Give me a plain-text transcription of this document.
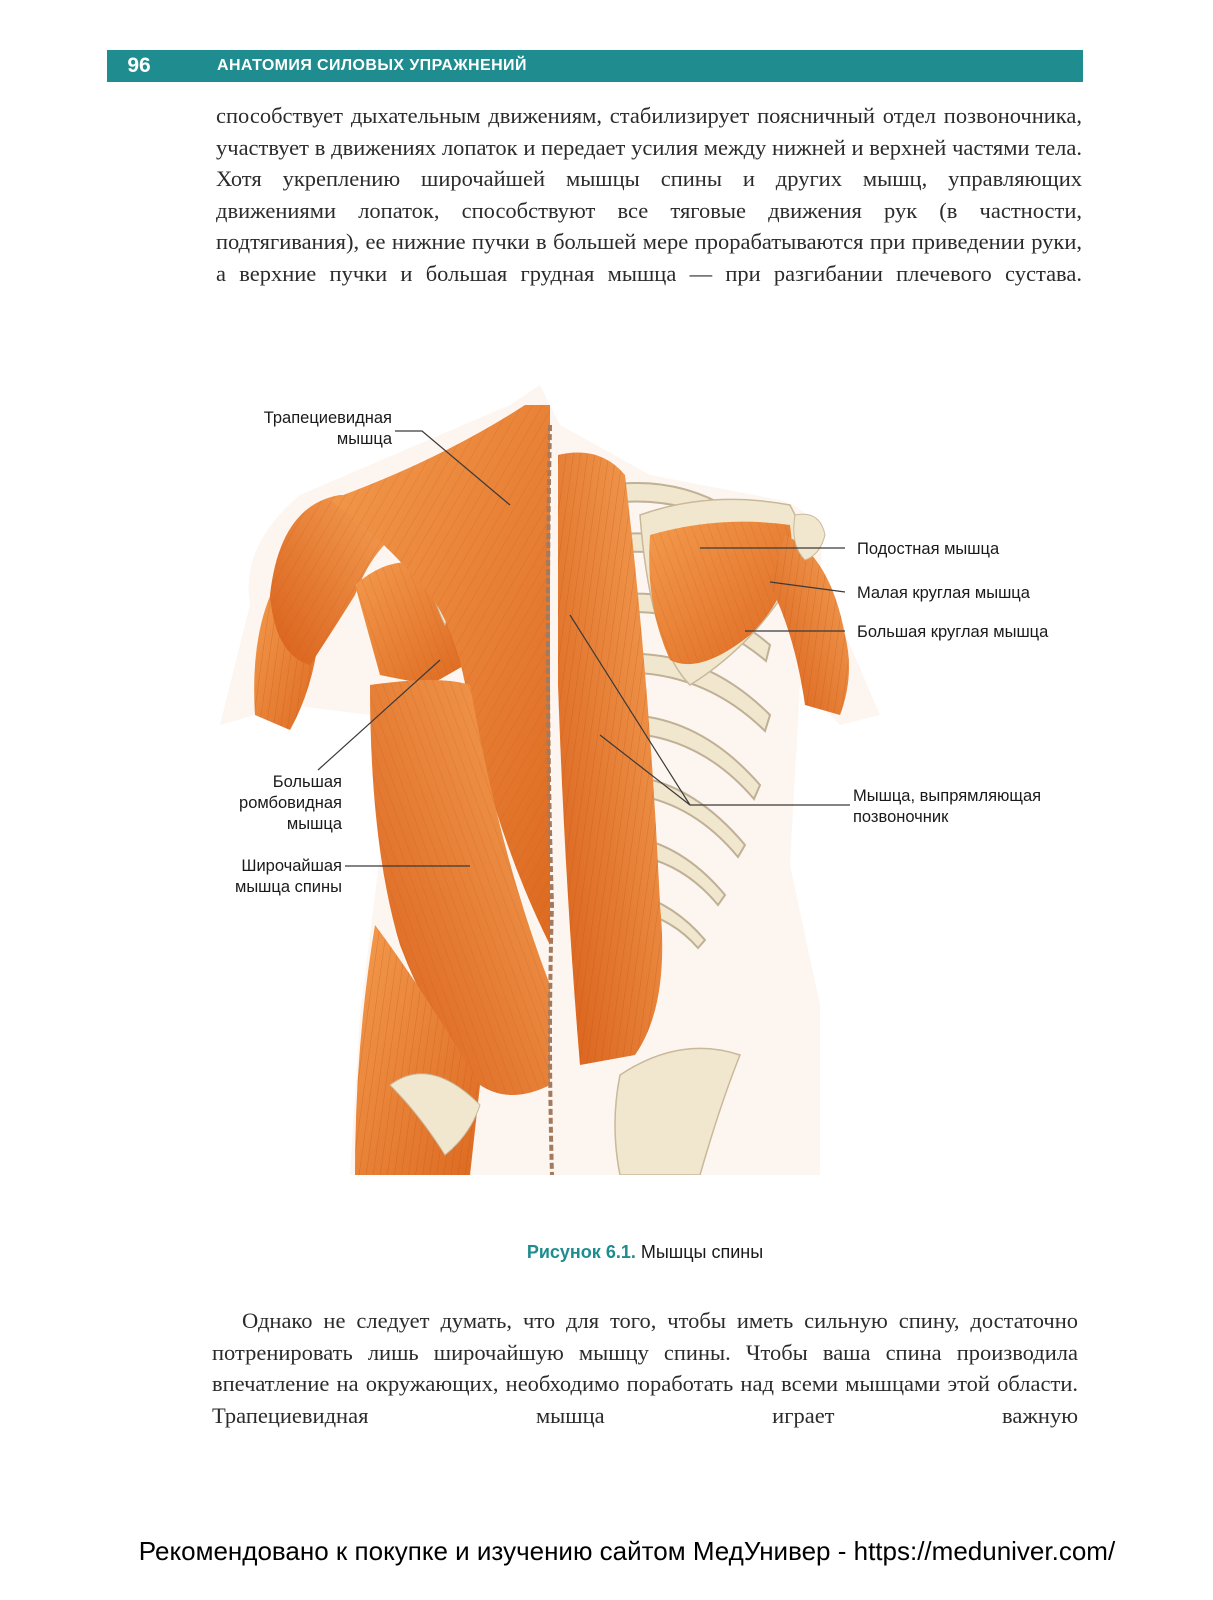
96	АНАТОМИЯ СИЛОВЫХ УПРАЖНЕНИЙ

способствует дыхательным движениям, стабилизирует поясничный отдел позвоночника, участвует в движениях лопаток и передает усилия между нижней и верхней частями тела. Хотя укреплению широчайшей мышцы спины и других мышц, управляющих движениями лопаток, способствуют все тяговые движения рук (в частности, подтягивания), ее нижние пучки в большей мере прорабатываются при приведении руки, а верхние пучки и большая грудная мышца — при разгибании плечевого сустава.

Трапециевидная
мышца

Подостная мышца

Малая круглая мышца

Большая круглая мышца

Большая
ромбовидная
мышца

Широчайшая
мышца спины

Мышца, выпрямляющая
позвоночник

Рисунок 6.1. Мышцы спины

Однако не следует думать, что для того, чтобы иметь сильную спину, достаточно потренировать лишь широчайшую мышцу спины. Чтобы ваша спина производила впечатление на окружающих, необходимо поработать над всеми мышцами этой области. Трапециевидная мышца играет важную

Рекомендовано к покупке и изучению сайтом МедУнивер - https://meduniver.com/
